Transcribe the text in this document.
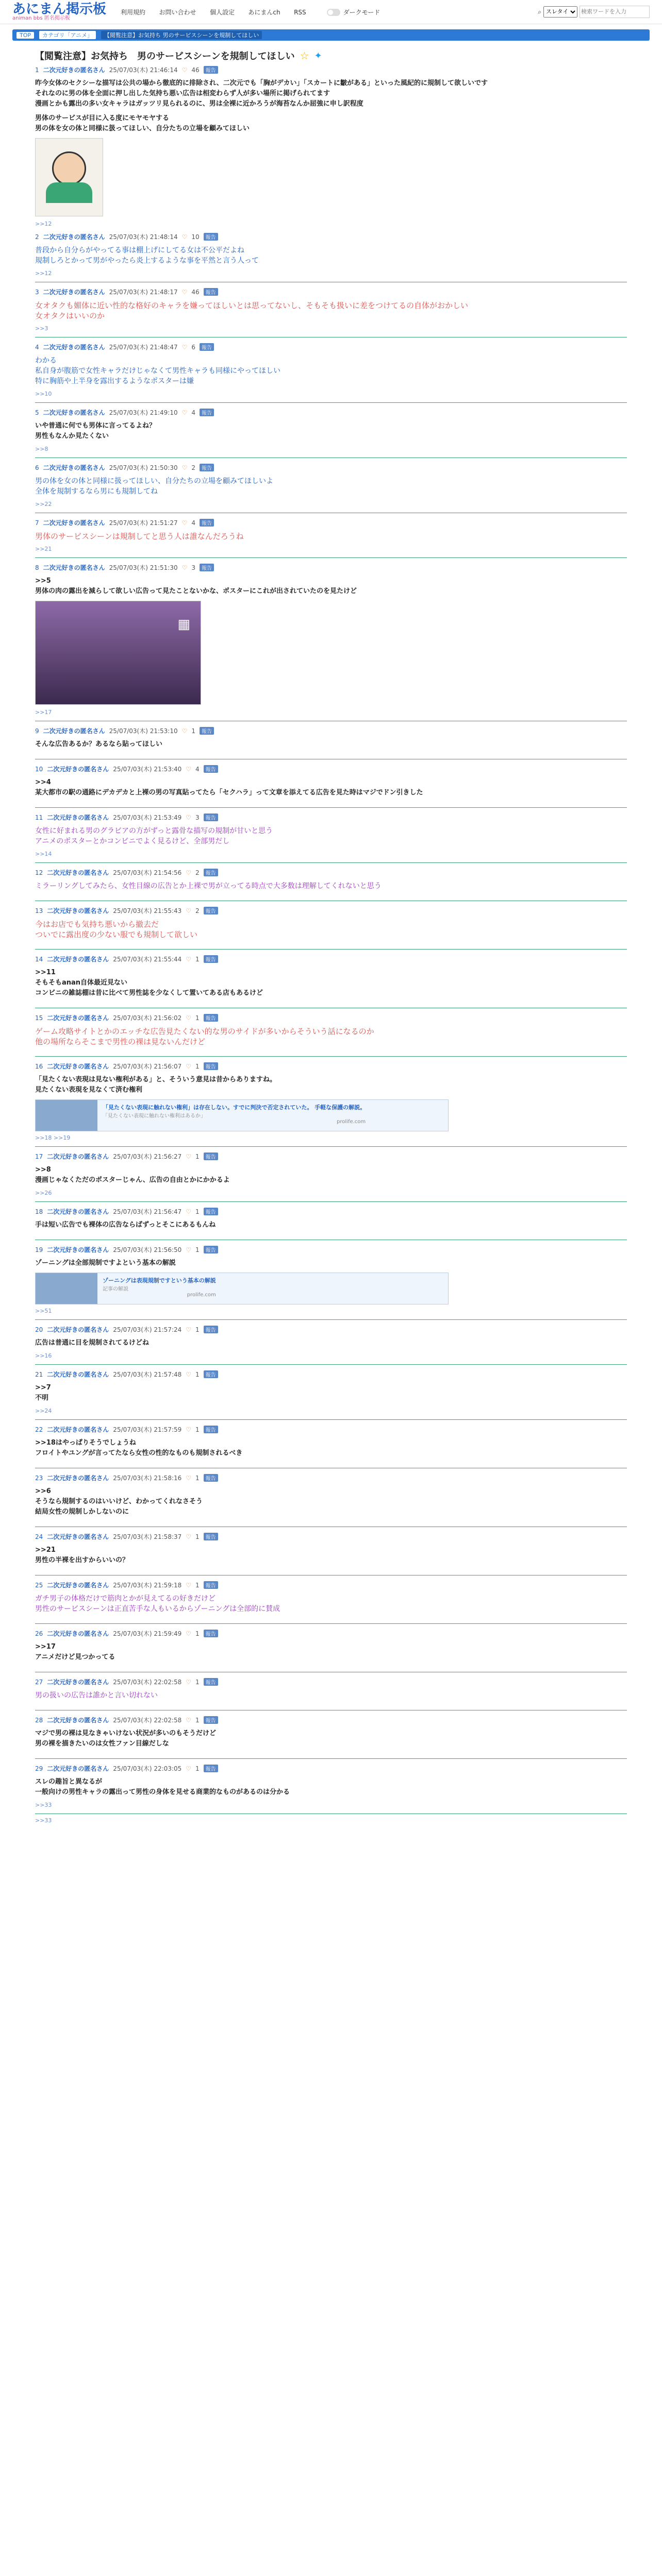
あにまん掲示板
animan bbs 匿名掲示板
利用規約 お問い合わせ 個人設定 あにまんch RSS	ダークモード	⌕
スレタイ
検索ワードを入力
TOP	カテゴリ「アニメ」	【閲覧注意】お気持ち 男のサービスシーンを規制してほしい
【閲覧注意】お気持ち　男のサービスシーンを規制してほしい ☆ ✦
1 二次元好きの匿名さん 25/07/03(木) 21:46:14 ♡ 46	報告
昨今女体のセクシーな描写は公共の場から徹底的に排除され、二次元でも「胸がデカい」「スカートに皺がある」といった風紀的に規制して欲しいです
それなのに男の体を全面に押し出した気持ち悪い広告は相変わらず人が多い場所に掲げられてます
漫画とかも露出の多い女キャラはガッツリ見られるのに、男は全裸に近かろうが海苔なんか屈強に申し訳程度
男体のサービスが目に入る度にモヤモヤする
男の体を女の体と同様に扱ってほしい、自分たちの立場を顧みてほしい
>>12
2 二次元好きの匿名さん 25/07/03(木) 21:48:14 ♡ 10	報告
普段から自分らがやってる事は棚上げにしてる女は不公平だよね
規制しろとかって男がやったら炎上するような事を平然と言う人って
>>12
3 二次元好きの匿名さん 25/07/03(木) 21:48:17 ♡ 46	報告
女オタクも媚体に近い性的な格好のキャラを嫌ってほしいとは思ってないし、そもそも扱いに差をつけてるの自体がおかしい
女オタクはいいのか
>>3
4 二次元好きの匿名さん 25/07/03(木) 21:48:47 ♡ 6	報告
わかる
私自身が腹筋で女性キャラだけじゃなくて男性キャラも同様にやってほしい
特に胸筋や上半身を露出するようなポスターは嫌
>>10
5 二次元好きの匿名さん 25/07/03(木) 21:49:10 ♡ 4	報告
いや普通に何でも男体に言ってるよね？
男性もなんか見たくない
>>8
6 二次元好きの匿名さん 25/07/03(木) 21:50:30 ♡ 2	報告
男の体を女の体と同様に扱ってほしい、自分たちの立場を顧みてほしいよ
全体を規制するなら男にも規制してね
>>22
7 二次元好きの匿名さん 25/07/03(木) 21:51:27 ♡ 4	報告
男体のサービスシーンは規制してと思う人は誰なんだろうね
>>21
8 二次元好きの匿名さん 25/07/03(木) 21:51:30 ♡ 3	報告
>>5
男体の肉の露出を減らして欲しい広告って見たことないかな、ポスターにこれが出されていたのを見たけど
▦
>>17
9 二次元好きの匿名さん 25/07/03(木) 21:53:10 ♡ 1	報告
そんな広告あるか？あるなら貼ってほしい
10 二次元好きの匿名さん 25/07/03(木) 21:53:40 ♡ 4	報告
>>4
某大都市の駅の通路にデカデカと上裸の男の写真貼ってたら「セクハラ」って文章を添えてる広告を見た時はマジでドン引きした
11 二次元好きの匿名さん 25/07/03(木) 21:53:49 ♡ 3	報告
女性に好まれる男のグラビアの方がずっと露骨な描写の規制が甘いと思う
アニメのポスターとかコンビニでよく見るけど、全部男だし
>>14
12 二次元好きの匿名さん 25/07/03(木) 21:54:56 ♡ 2	報告
ミラーリングしてみたら、女性目線の広告とか上裸で男が立ってる時点で大多数は理解してくれないと思う
13 二次元好きの匿名さん 25/07/03(木) 21:55:43 ♡ 2	報告
今はお店でも気持ち悪いから撤去だ
ついでに露出度の少ない服でも規制して欲しい
14 二次元好きの匿名さん 25/07/03(木) 21:55:44 ♡ 1	報告
>>11
そもそもanan自体最近見ない
コンビニの雑誌棚は昔に比べて男性誌を少なくして置いてある店もあるけど
15 二次元好きの匿名さん 25/07/03(木) 21:56:02 ♡ 1	報告
ゲーム攻略サイトとかのエッチな広告見たくない的な男のサイドが多いからそういう話になるのか
他の場所ならそこまで男性の裸は見ないんだけど
16 二次元好きの匿名さん 25/07/03(木) 21:56:07 ♡ 1	報告
「見たくない表現は見ない権利がある」と、そういう意見は昔からありますね。
見たくない表現を見なくて済む権利
「見たくない表現に触れない権利」は存在しない。すでに判決で否定されていた。 手軽な保護の解説。
「見たくない表現に触れない権利はあるか」
prolife.com
>>18 >>19
17 二次元好きの匿名さん 25/07/03(木) 21:56:27 ♡ 1	報告
>>8
漫画じゃなくただのポスターじゃん、広告の自由とかにかかるよ
>>26
18 二次元好きの匿名さん 25/07/03(木) 21:56:47 ♡ 1	報告
手は短い広告でも裸体の広告ならばずっとそこにあるもんね
19 二次元好きの匿名さん 25/07/03(木) 21:56:50 ♡ 1	報告
ゾーニングは全部規制ですよという基本の解説
ゾーニングは表現規制ですという基本の解説
記事の解説
prolife.com
>>51
20 二次元好きの匿名さん 25/07/03(木) 21:57:24 ♡ 1	報告
広告は普通に目を規制されてるけどね
>>16
21 二次元好きの匿名さん 25/07/03(木) 21:57:48 ♡ 1	報告
>>7
不明
>>24
22 二次元好きの匿名さん 25/07/03(木) 21:57:59 ♡ 1	報告
>>18はやっぱりそうでしょうね
フロイトやユングが言ってたなら女性の性的なものも規制されるべき
23 二次元好きの匿名さん 25/07/03(木) 21:58:16 ♡ 1	報告
>>6
そうなら規制するのはいいけど、わかってくれなさそう
結局女性の規制しかしないのに
24 二次元好きの匿名さん 25/07/03(木) 21:58:37 ♡ 1	報告
>>21
男性の半裸を出すからいいの？
25 二次元好きの匿名さん 25/07/03(木) 21:59:18 ♡ 1	報告
ガチ男子の体格だけで筋肉とかが見えてるの好きだけど
男性のサービスシーンは正直苦手な人もいるからゾーニングは全部的に賛成
26 二次元好きの匿名さん 25/07/03(木) 21:59:49 ♡ 1	報告
>>17
アニメだけど見つかってる
27 二次元好きの匿名さん 25/07/03(木) 22:02:58 ♡ 1	報告
男の扱いの広告は誰かと言い切れない
28 二次元好きの匿名さん 25/07/03(木) 22:02:58 ♡ 1	報告
マジで男の裸は見なきゃいけない状況が多いのもそうだけど
男の裸を描きたいのは女性ファン目線だしな
29 二次元好きの匿名さん 25/07/03(木) 22:03:05 ♡ 1	報告
スレの趣旨と異なるが
一般向けの男性キャラの露出って男性の身体を見せる商業的なものがあるのは分かる
>>33
>>33
